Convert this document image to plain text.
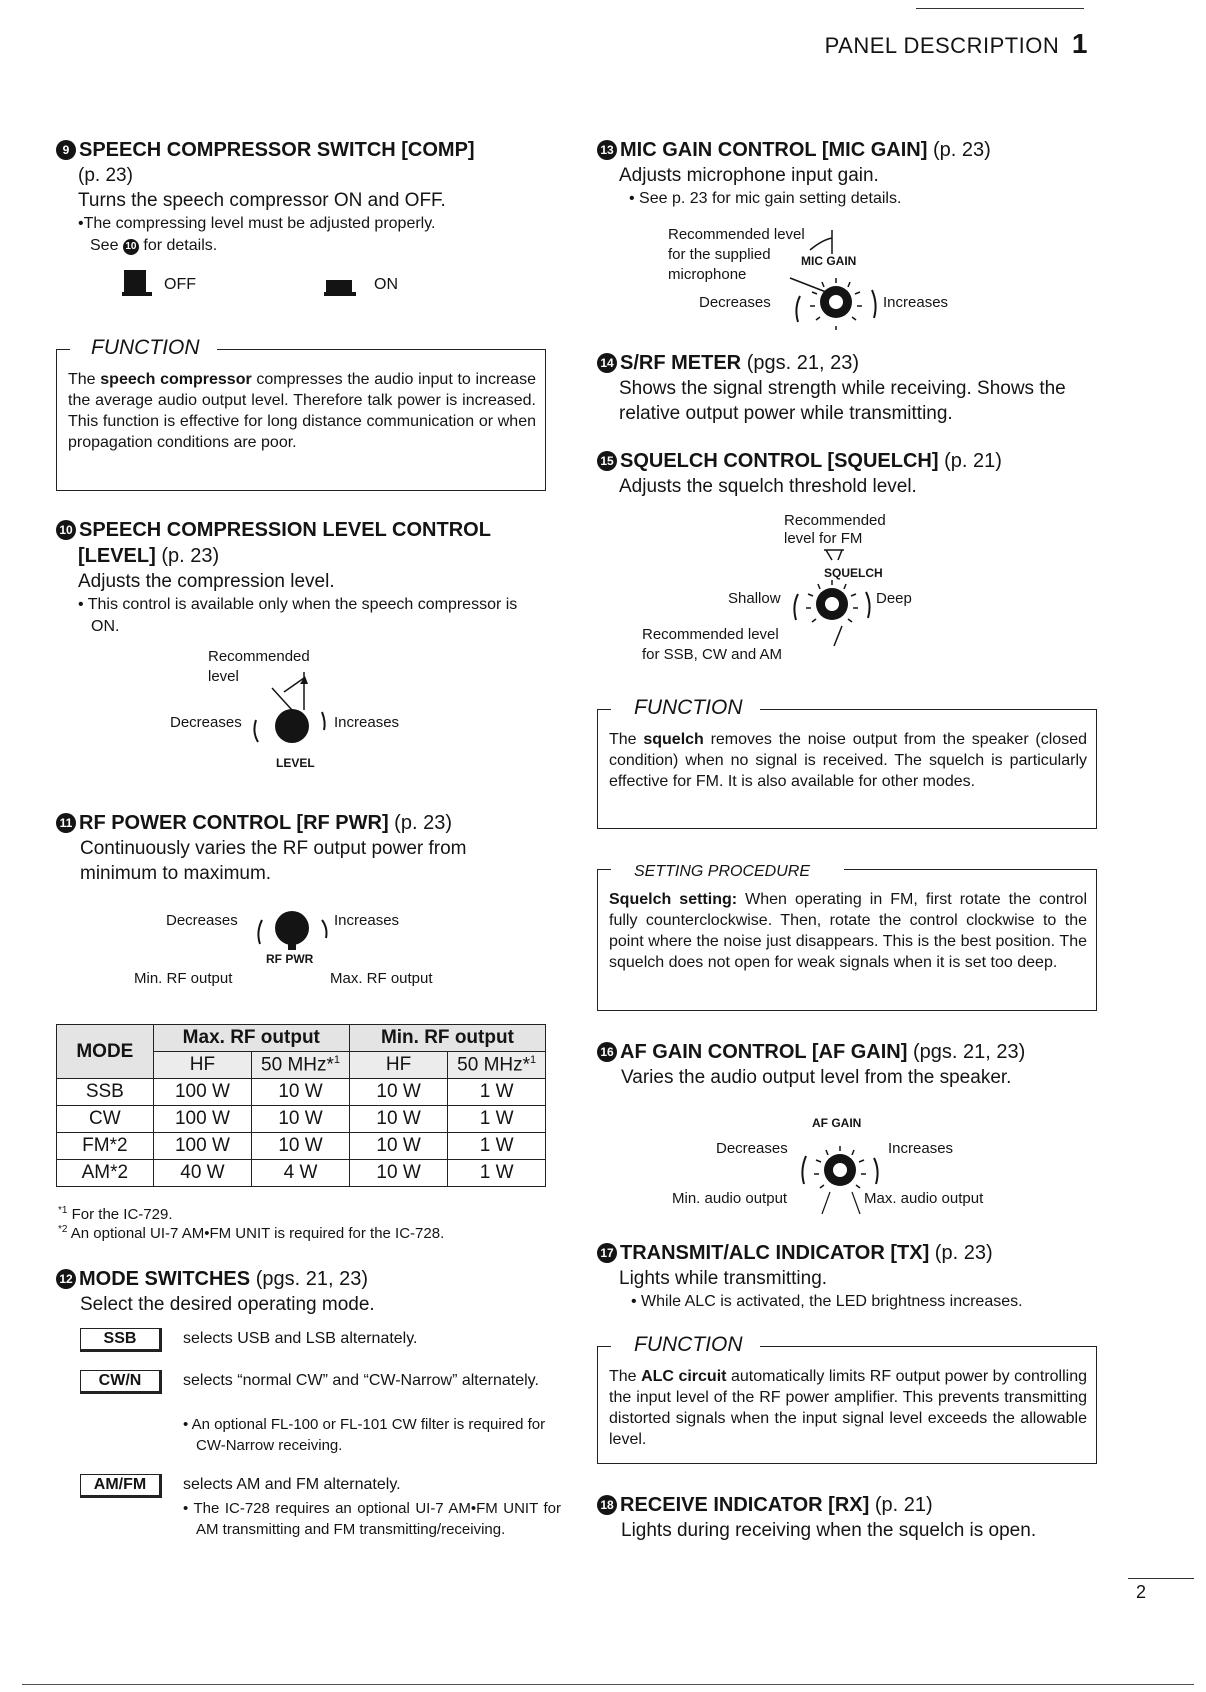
PANEL DESCRIPTION 1
9 SPEECH COMPRESSOR SWITCH [COMP]
(p. 23)
Turns the speech compressor ON and OFF.
•The compressing level must be adjusted properly.
See 10 for details.
OFF	ON
FUNCTION

The speech compressor compresses the audio input to increase the average audio output level. Therefore talk power is increased. This function is effective for long distance communication or when propagation conditions are poor.

10 SPEECH COMPRESSION LEVEL CONTROL
[LEVEL] (p. 23)
Adjusts the compression level.
• This control is available only when the speech compressor is ON.
Recommended
level
Decreases	Increases
LEVEL
11 RF POWER CONTROL [RF PWR] (p. 23)
Continuously varies the RF output power from minimum to maximum.
Decreases	Increases
RF PWR
Min. RF output	Max. RF output
MODE	Max. RF output		Min. RF output	
	HF	50 MHz*$^1$	HF	50 MHz*$^1$
SSB	100 W	10 W	10 W	1 W
CW	100 W	10 W	10 W	1 W
FM*2	100 W	10 W	10 W	1 W
AM*2	40 W	4 W	10 W	1 W
$^{*1}$ For the IC-729.
$^{*2}$ An optional UI-7 AM•FM UNIT is required for the IC-728.
12 MODE SWITCHES (pgs. 21, 23)
Select the desired operating mode.
SSB	selects USB and LSB alternately.
CW/N	selects “normal CW” and “CW-Narrow” alternately.
• An optional FL-100 or FL-101 CW filter is required for CW-Narrow receiving.
AM/FM	selects AM and FM alternately.
• The IC-728 requires an optional UI-7 AM•FM UNIT for AM transmitting and FM transmitting/receiving.
13 MIC GAIN CONTROL [MIC GAIN] (p. 23)
Adjusts microphone input gain.
• See p. 23 for mic gain setting details.
Recommended level
for the supplied
microphone
MIC GAIN
Decreases	Increases
14 S/RF METER (pgs. 21, 23)
Shows the signal strength while receiving. Shows the relative output power while transmitting.
15 SQUELCH CONTROL [SQUELCH] (p. 21)
Adjusts the squelch threshold level.
Recommended
level for FM
SQUELCH
Shallow	Deep
Recommended level
for SSB, CW and AM
FUNCTION

The squelch removes the noise output from the speaker (closed condition) when no signal is received. The squelch is particularly effective for FM. It is also available for other modes.

SETTING PROCEDURE

Squelch setting: When operating in FM, first rotate the control fully counterclockwise. Then, rotate the control clockwise to the point where the noise just disappears. This is the best position. The squelch does not open for weak signals when it is set too deep.

16 AF GAIN CONTROL [AF GAIN] (pgs. 21, 23)
Varies the audio output level from the speaker.
AF GAIN
Decreases	Increases
Min. audio output	Max. audio output
17 TRANSMIT/ALC INDICATOR [TX] (p. 23)
Lights while transmitting.
• While ALC is activated, the LED brightness increases.
FUNCTION

The ALC circuit automatically limits RF output power by controlling the input level of the RF power amplifier. This prevents transmitting distorted signals when the input signal level exceeds the allowable level.

18 RECEIVE INDICATOR [RX] (p. 21)
Lights during receiving when the squelch is open.
2
